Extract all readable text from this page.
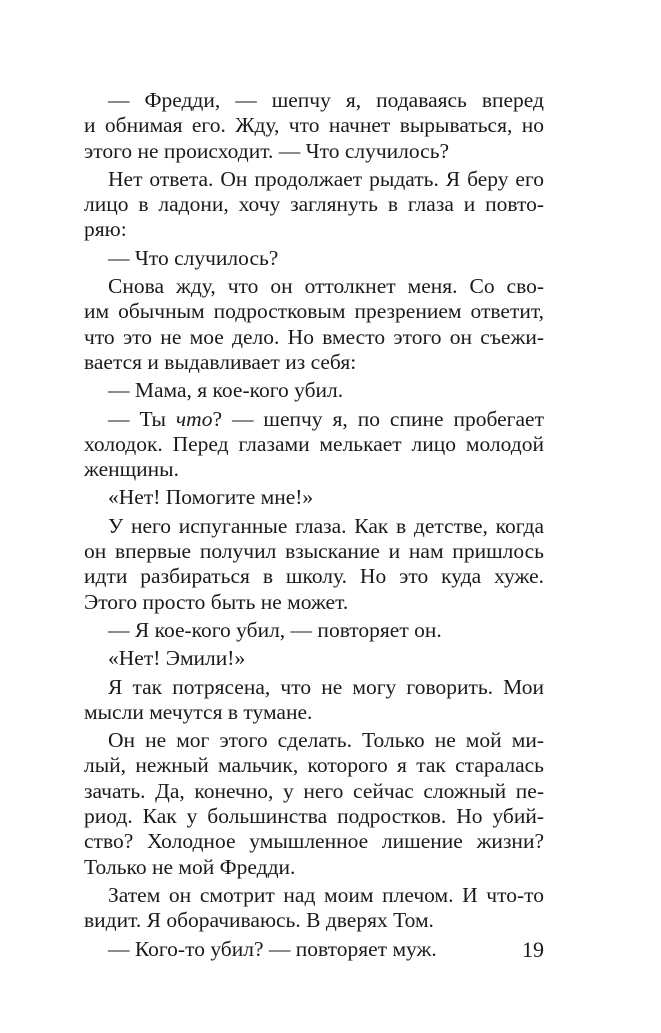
— Фредди, — шепчу я, подаваясь вперед
и обнимая его. Жду, что начнет вырываться, но
этого не происходит. — Что случилось?
Нет ответа. Он продолжает рыдать. Я беру его
лицо в ладони, хочу заглянуть в глаза и повто-
ряю:
— Что случилось?
Снова жду, что он оттолкнет меня. Со сво-
им обычным подростковым презрением ответит,
что это не мое дело. Но вместо этого он съежи-
вается и выдавливает из себя:
— Мама, я кое-кого убил.
— Ты что? — шепчу я, по спине пробегает
холодок. Перед глазами мелькает лицо молодой
женщины.
«Нет! Помогите мне!»
У него испуганные глаза. Как в детстве, когда
он впервые получил взыскание и нам пришлось
идти разбираться в школу. Но это куда хуже.
Этого просто быть не может.
— Я кое-кого убил, — повторяет он.
«Нет! Эмили!»
Я так потрясена, что не могу говорить. Мои
мысли мечутся в тумане.
Он не мог этого сделать. Только не мой ми-
лый, нежный мальчик, которого я так старалась
зачать. Да, конечно, у него сейчас сложный пе-
риод. Как у большинства подростков. Но убий-
ство? Холодное умышленное лишение жизни?
Только не мой Фредди.
Затем он смотрит над моим плечом. И что-то
видит. Я оборачиваюсь. В дверях Том.
— Кого-то убил? — повторяет муж.	19
